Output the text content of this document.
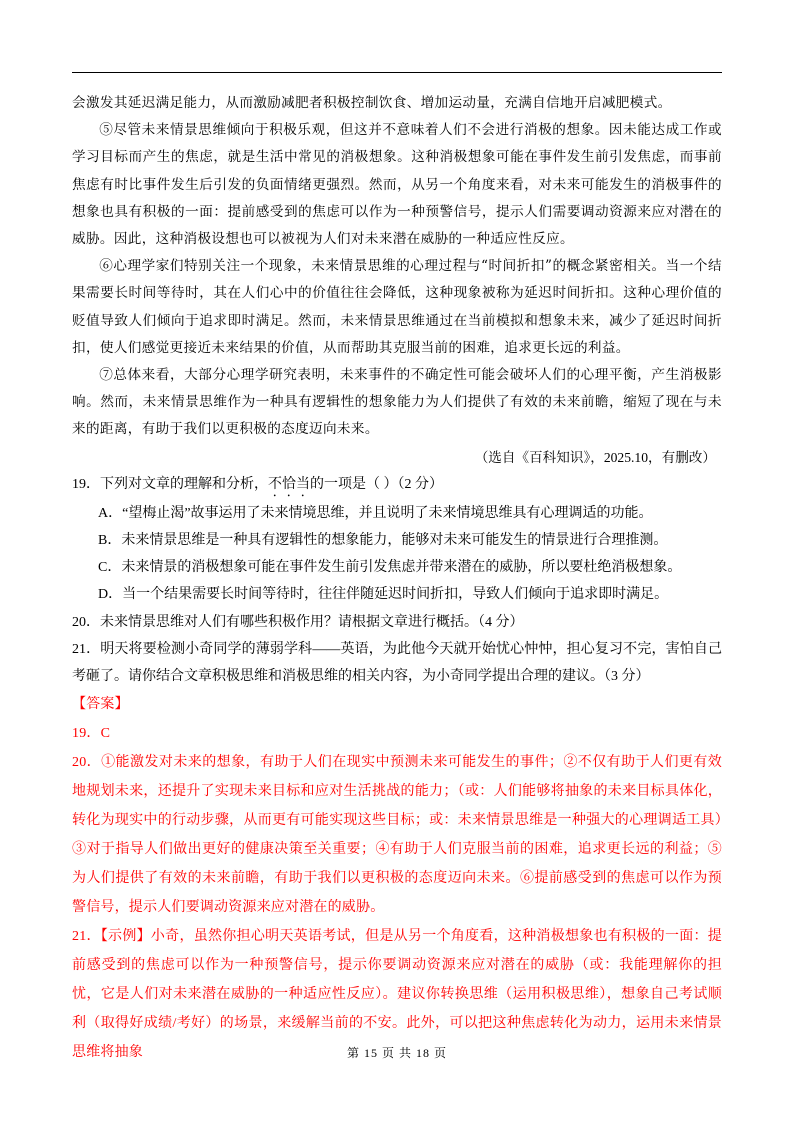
会激发其延迟满足能力，从而激励减肥者积极控制饮食、增加运动量，充满自信地开启减肥模式。

⑤尽管未来情景思维倾向于积极乐观，但这并不意味着人们不会进行消极的想象。因未能达成工作或学习目标而产生的焦虑，就是生活中常见的消极想象。这种消极想象可能在事件发生前引发焦虑，而事前焦虑有时比事件发生后引发的负面情绪更强烈。然而，从另一个角度来看，对未来可能发生的消极事件的想象也具有积极的一面：提前感受到的焦虑可以作为一种预警信号，提示人们需要调动资源来应对潜在的威胁。因此，这种消极设想也可以被视为人们对未来潜在威胁的一种适应性反应。

⑥心理学家们特别关注一个现象，未来情景思维的心理过程与“时间折扣”的概念紧密相关。当一个结果需要长时间等待时，其在人们心中的价值往往会降低，这种现象被称为延迟时间折扣。这种心理价值的贬值导致人们倾向于追求即时满足。然而，未来情景思维通过在当前模拟和想象未来，减少了延迟时间折扣，使人们感觉更接近未来结果的价值，从而帮助其克服当前的困难，追求更长远的利益。

⑦总体来看，大部分心理学研究表明，未来事件的不确定性可能会破坏人们的心理平衡，产生消极影响。然而，未来情景思维作为一种具有逻辑性的想象能力为人们提供了有效的未来前瞻，缩短了现在与未来的距离，有助于我们以更积极的态度迈向未来。

（选自《百科知识》，2025.10，有删改）

19．下列对文章的理解和分析，不恰当的一项是（ ）（2 分）

A．“望梅止渴”故事运用了未来情境思维，并且说明了未来情境思维具有心理调适的功能。

B．未来情景思维是一种具有逻辑性的想象能力，能够对未来可能发生的情景进行合理推测。

C．未来情景的消极想象可能在事件发生前引发焦虑并带来潜在的威胁，所以要杜绝消极想象。

D．当一个结果需要长时间等待时，往往伴随延迟时间折扣，导致人们倾向于追求即时满足。

20．未来情景思维对人们有哪些积极作用？请根据文章进行概括。（4 分）

21．明天将要检测小奇同学的薄弱学科——英语，为此他今天就开始忧心忡忡，担心复习不完，害怕自己考砸了。请你结合文章积极思维和消极思维的相关内容，为小奇同学提出合理的建议。（3 分）

【答案】

19．C

20．①能激发对未来的想象，有助于人们在现实中预测未来可能发生的事件；②不仅有助于人们更有效地规划未来，还提升了实现未来目标和应对生活挑战的能力；（或：人们能够将抽象的未来目标具体化，转化为现实中的行动步骤，从而更有可能实现这些目标；或：未来情景思维是一种强大的心理调适工具）③对于指导人们做出更好的健康决策至关重要；④有助于人们克服当前的困难，追求更长远的利益；⑤为人们提供了有效的未来前瞻，有助于我们以更积极的态度迈向未来。⑥提前感受到的焦虑可以作为预警信号，提示人们要调动资源来应对潜在的威胁。

21．【示例】小奇，虽然你担心明天英语考试，但是从另一个角度看，这种消极想象也有积极的一面：提前感受到的焦虑可以作为一种预警信号，提示你要调动资源来应对潜在的威胁（或：我能理解你的担忧，它是人们对未来潜在威胁的一种适应性反应）。建议你转换思维（运用积极思维），想象自己考试顺利（取得好成绩/考好）的场景，来缓解当前的不安。此外，可以把这种焦虑转化为动力，运用未来情景思维将抽象	第 15 页 共 18 页
